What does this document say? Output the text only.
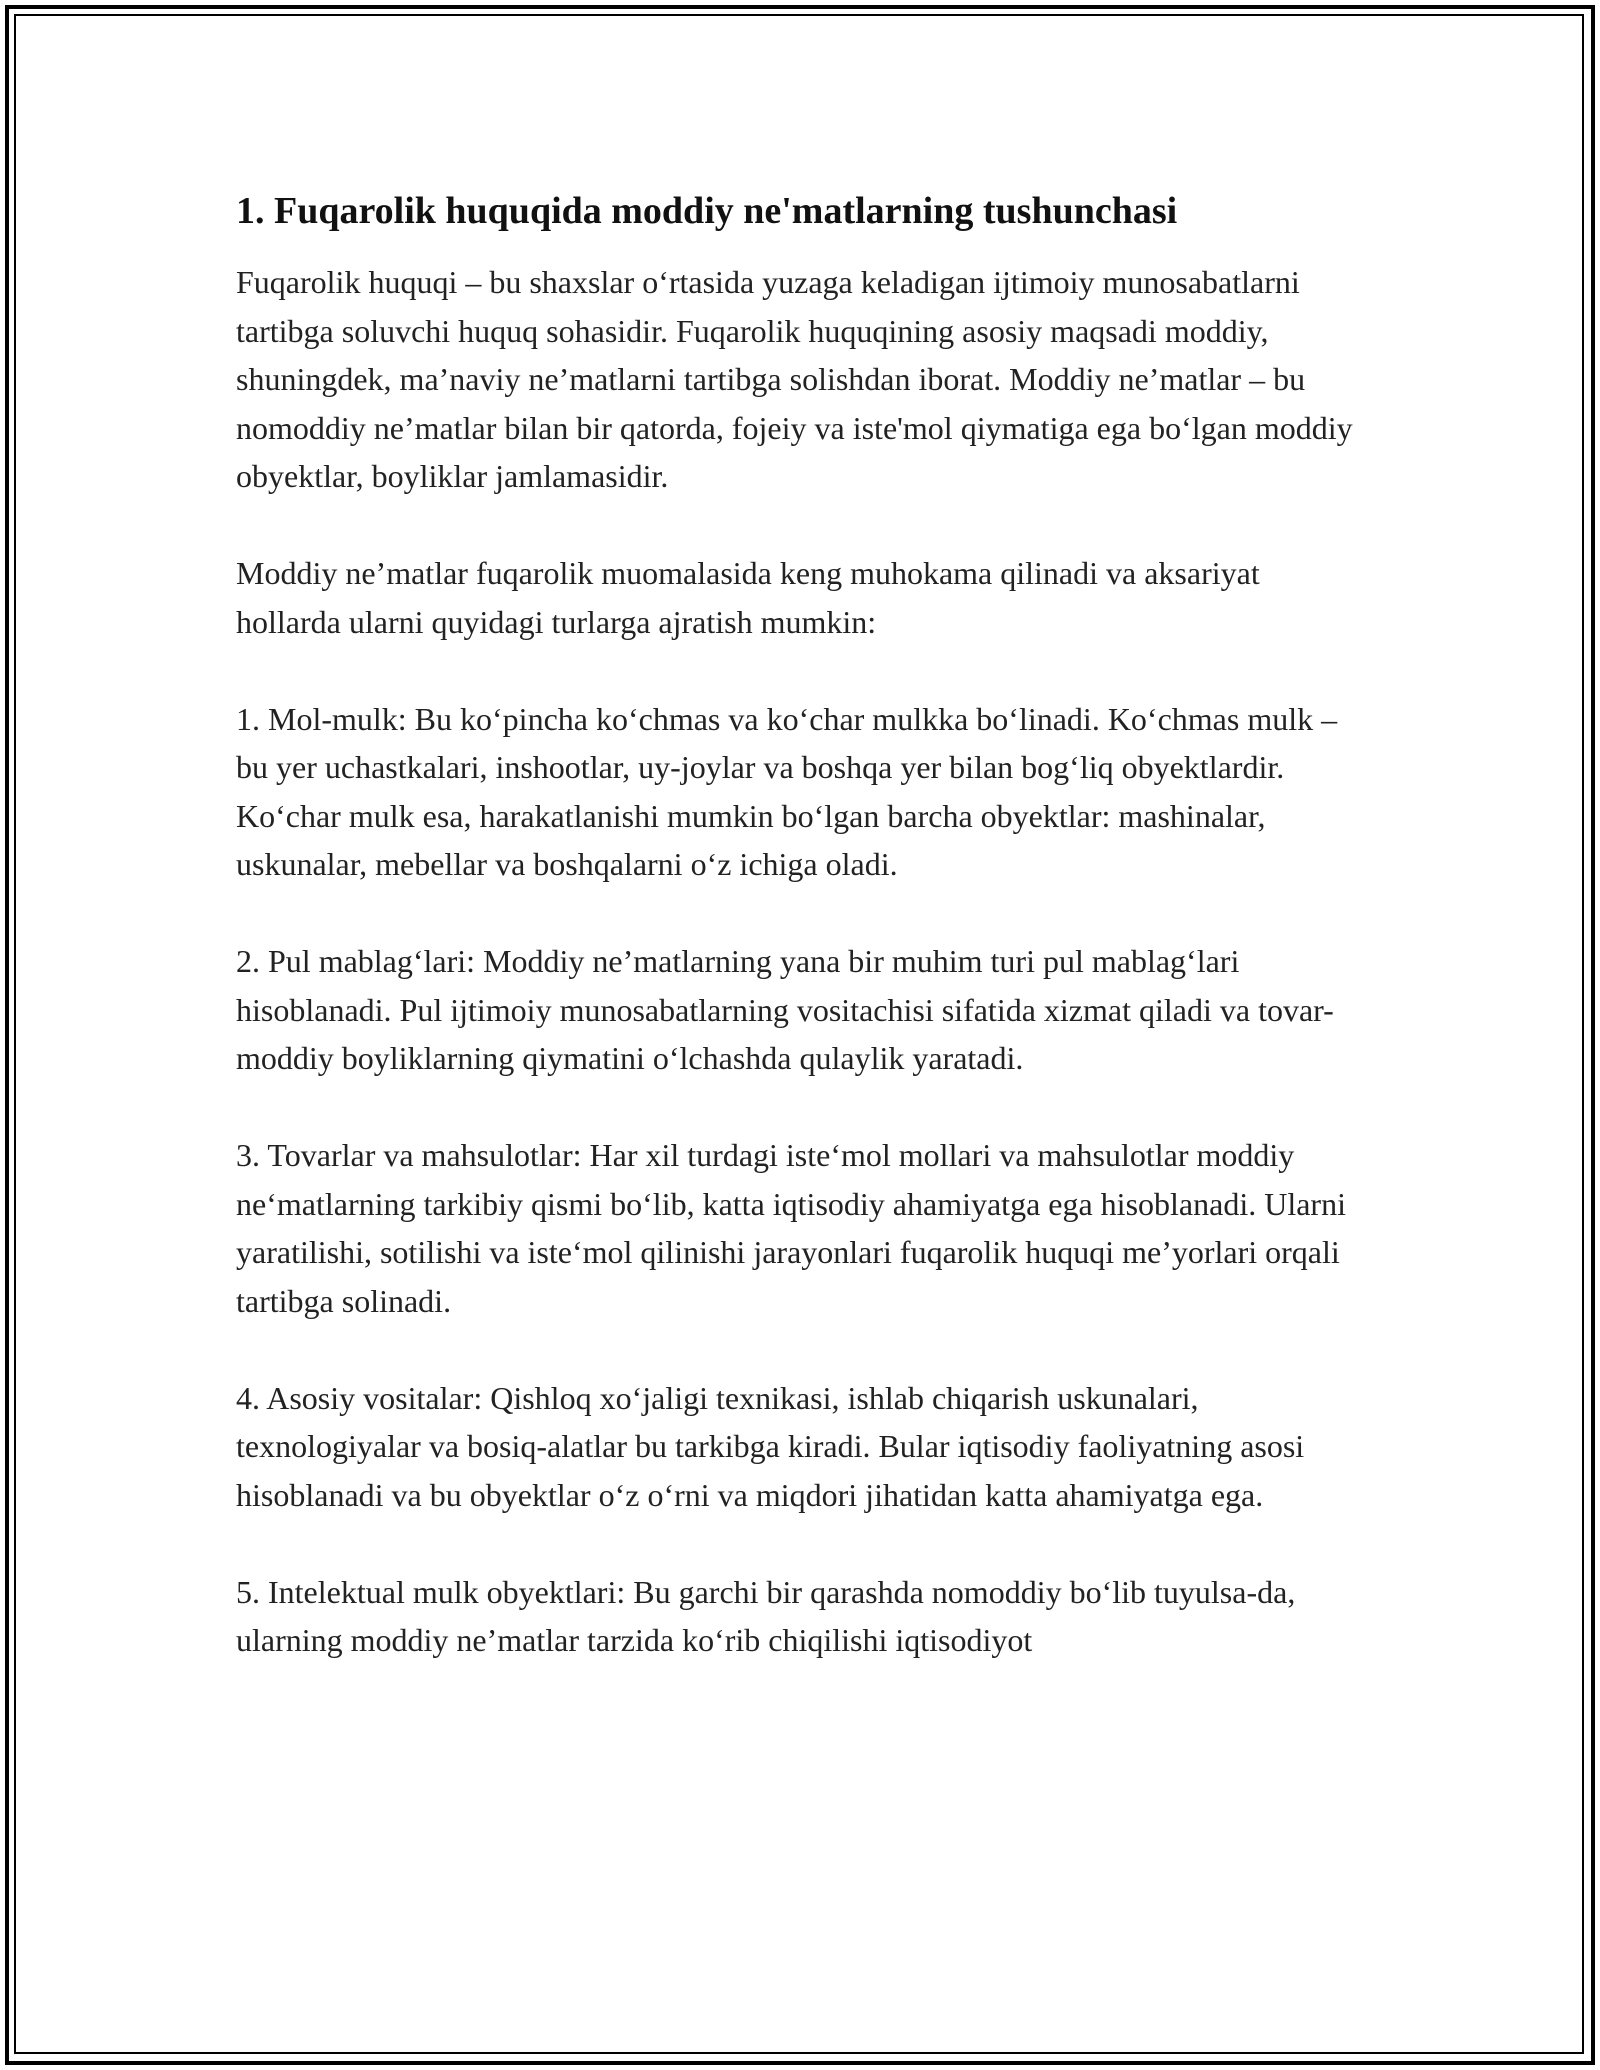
1. Fuqarolik huquqida moddiy ne'matlarning tushunchasi

Fuqarolik huquqi – bu shaxslar o‘rtasida yuzaga keladigan ijtimoiy munosabatlarni tartibga soluvchi huquq sohasidir. Fuqarolik huquqining asosiy maqsadi moddiy, shuningdek, ma’naviy ne’matlarni tartibga solishdan iborat. Moddiy ne’matlar – bu nomoddiy ne’matlar bilan bir qatorda, fojeiy va iste'mol qiymatiga ega bo‘lgan moddiy obyektlar, boyliklar jamlamasidir.

Moddiy ne’matlar fuqarolik muomalasida keng muhokama qilinadi va aksariyat hollarda ularni quyidagi turlarga ajratish mumkin:

1. Mol-mulk: Bu ko‘pincha ko‘chmas va ko‘char mulkka bo‘linadi. Ko‘chmas mulk – bu yer uchastkalari, inshootlar, uy-joylar va boshqa yer bilan bog‘liq obyektlardir. Ko‘char mulk esa, harakatlanishi mumkin bo‘lgan barcha obyektlar: mashinalar, uskunalar, mebellar va boshqalarni o‘z ichiga oladi.

2. Pul mablag‘lari: Moddiy ne’matlarning yana bir muhim turi pul mablag‘lari hisoblanadi. Pul ijtimoiy munosabatlarning vositachisi sifatida xizmat qiladi va tovar-moddiy boyliklarning qiymatini o‘lchashda qulaylik yaratadi.

3. Tovarlar va mahsulotlar: Har xil turdagi iste‘mol mollari va mahsulotlar moddiy ne‘matlarning tarkibiy qismi bo‘lib, katta iqtisodiy ahamiyatga ega hisoblanadi. Ularni yaratilishi, sotilishi va iste‘mol qilinishi jarayonlari fuqarolik huquqi me’yorlari orqali tartibga solinadi.

4. Asosiy vositalar: Qishloq xo‘jaligi texnikasi, ishlab chiqarish uskunalari, texnologiyalar va bosiq-alatlar bu tarkibga kiradi. Bular iqtisodiy faoliyatning asosi hisoblanadi va bu obyektlar o‘z o‘rni va miqdori jihatidan katta ahamiyatga ega.

5. Intelektual mulk obyektlari: Bu garchi bir qarashda nomoddiy bo‘lib tuyulsa-da, ularning moddiy ne’matlar tarzida ko‘rib chiqilishi iqtisodiyot
